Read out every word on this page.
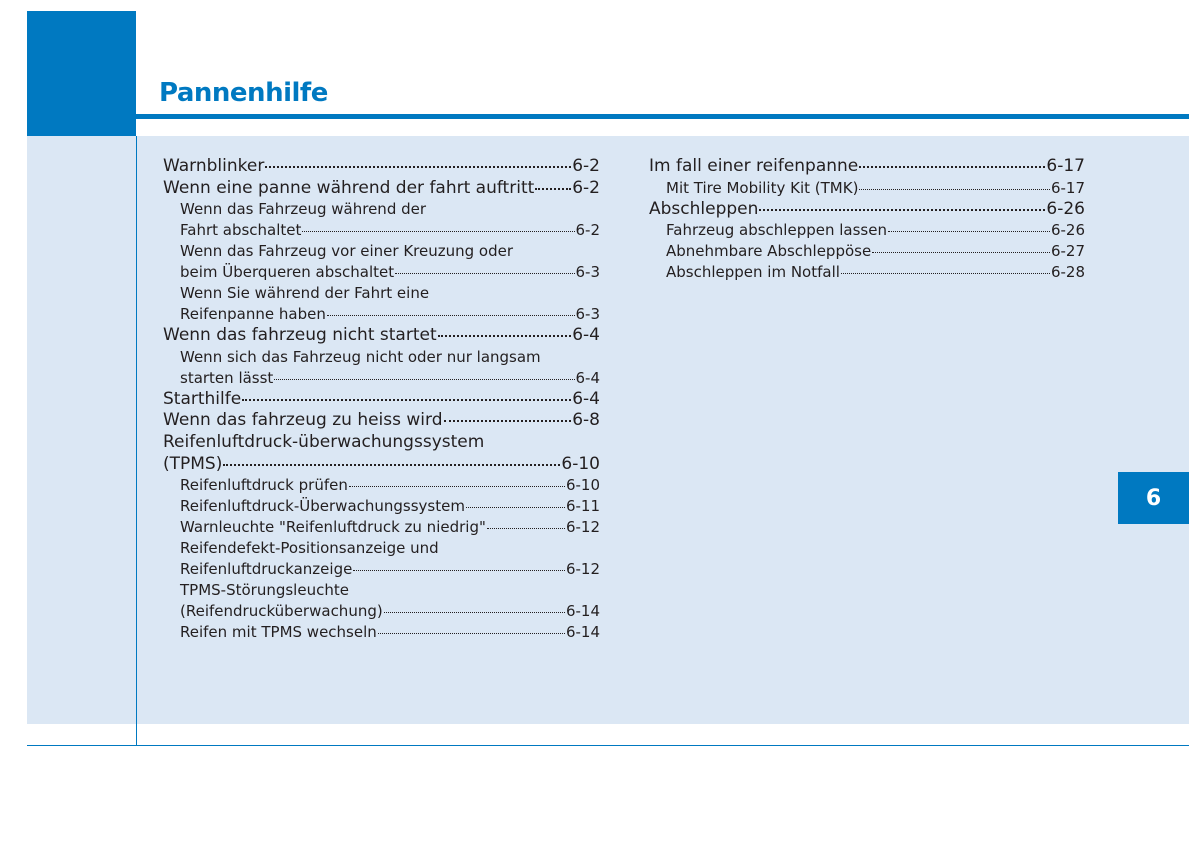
Pannenhilfe
6
Warnblinker	6-2
Wenn eine panne während der fahrt auftritt 6-2
Wenn das Fahrzeug während der
Fahrt abschaltet	6-2
Wenn das Fahrzeug vor einer Kreuzung oder
beim Überqueren abschaltet	6-3
Wenn Sie während der Fahrt eine
Reifenpanne haben	6-3
Wenn das fahrzeug nicht startet	6-4
Wenn sich das Fahrzeug nicht oder nur langsam
starten lässt	6-4
Starthilfe	6-4
Wenn das fahrzeug zu heiss wird	6-8
Reifenluftdruck-überwachungssystem
(TPMS)	6-10
Reifenluftdruck prüfen	6-10
Reifenluftdruck-Überwachungssystem	6-11
Warnleuchte "Reifenluftdruck zu niedrig"	6-12
Reifendefekt-Positionsanzeige und
Reifenluftdruckanzeige	6-12
TPMS-Störungsleuchte
(Reifendrucküberwachung)	6-14
Reifen mit TPMS wechseln	6-14
Im fall einer reifenpanne	6-17
Mit Tire Mobility Kit (TMK)	6-17
Abschleppen	6-26
Fahrzeug abschleppen lassen	6-26
Abnehmbare Abschleppöse	6-27
Abschleppen im Notfall	6-28
